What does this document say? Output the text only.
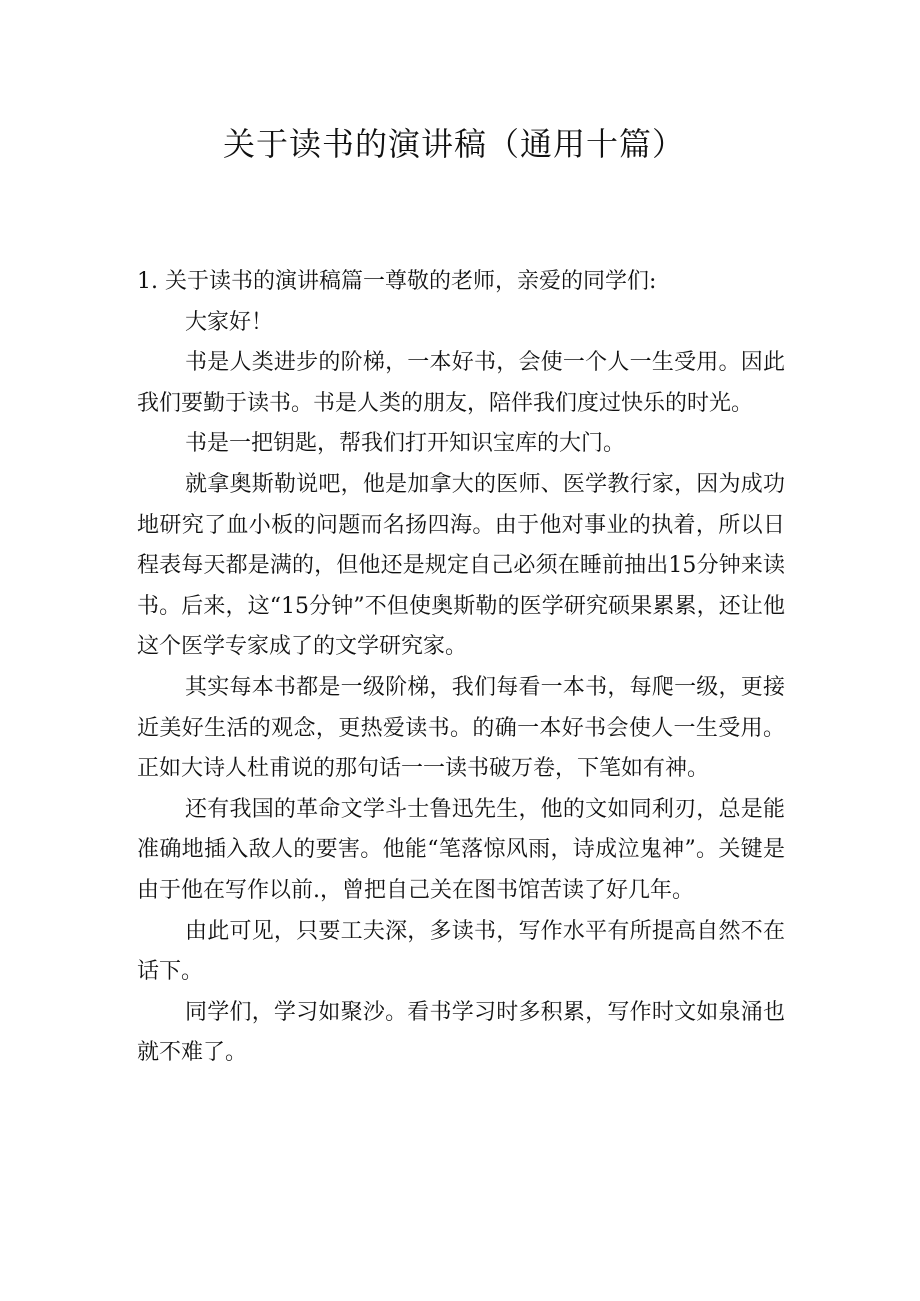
关于读书的演讲稿（通用十篇）

1. 关于读书的演讲稿篇一尊敬的老师，亲爱的同学们:

大家好！

书是人类进步的阶梯，一本好书，会使一个人一生受用。因此我们要勤于读书。书是人类的朋友，陪伴我们度过快乐的时光。

书是一把钥匙，帮我们打开知识宝库的大门。

就拿奥斯勒说吧，他是加拿大的医师、医学教行家，因为成功地研究了血小板的问题而名扬四海。由于他对事业的执着，所以日程表每天都是满的，但他还是规定自己必须在睡前抽出15分钟来读书。后来，这“15分钟”不但使奥斯勒的医学研究硕果累累，还让他这个医学专家成了的文学研究家。

其实每本书都是一级阶梯，我们每看一本书，每爬一级，更接近美好生活的观念，更热爱读书。的确一本好书会使人一生受用。正如大诗人杜甫说的那句话一一读书破万卷，下笔如有神。

还有我国的革命文学斗士鲁迅先生，他的文如同利刃，总是能准确地插入敌人的要害。他能“笔落惊风雨，诗成泣鬼神”。关键是由于他在写作以前.，曾把自己关在图书馆苦读了好几年。

由此可见，只要工夫深，多读书，写作水平有所提高自然不在话下。

同学们，学习如聚沙。看书学习时多积累，写作时文如泉涌也就不难了。
